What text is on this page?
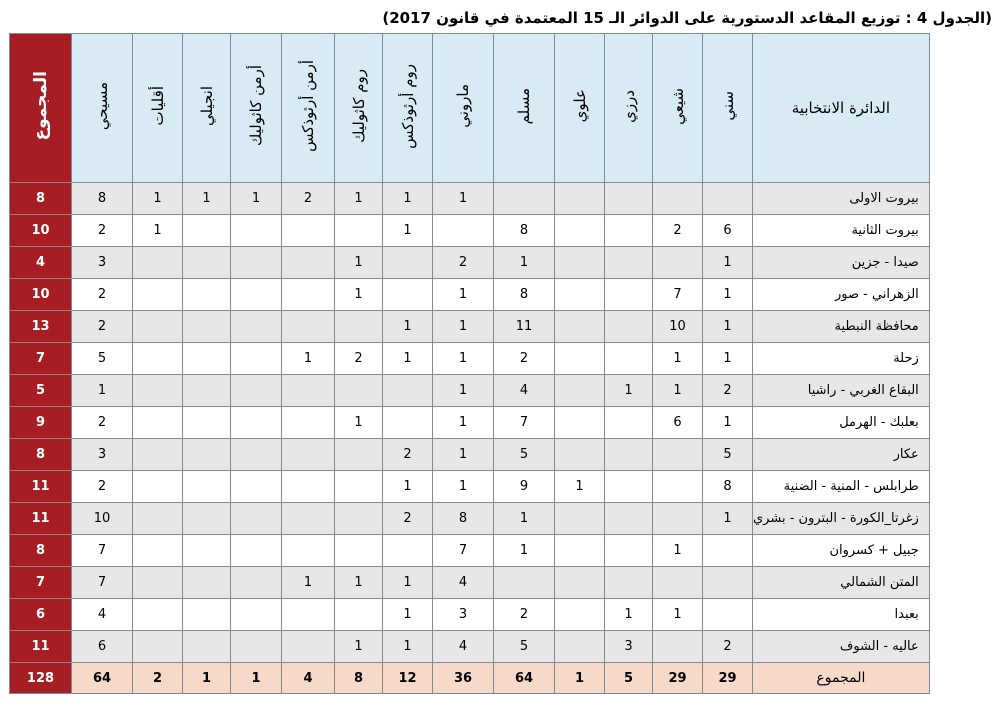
(الجدول 4 : توزيع المقاعد الدستورية على الدوائر الـ 15 المعتمدة في قانون 2017)
الدائرة الانتخابية	سني	شيعي	درزي	علوي	مسلم	ماروني	روم أرثوذكس	روم كاثوليك	أرمن أرثوذكس	أرمن كاثوليك	انجيلي	أقليات	مسيحي	المجموع
بيروت الاولى						1	1	1	2	1	1	1	8	8
بيروت الثانية	6	2			8		1					1	2	10
صيدا - جزين	1				1	2		1					3	4
الزهراني - صور	1	7			8	1		1					2	10
محافظة النبطية	1	10			11	1	1						2	13
زحلة	1	1			2	1	1	2	1				5	7
البقاع الغربي - راشيا	2	1	1		4	1							1	5
بعلبك - الهرمل	1	6			7	1		1					2	9
عكار	5				5	1	2						3	8
طرابلس - المنية - الضنية	8			1	9	1	1						2	11
زغرتا_الكورة - البترون - بشري	1				1	8	2						10	11
جبيل + كسروان		1			1	7							7	8
المتن الشمالي						4	1	1	1				7	7
بعبدا		1	1		2	3	1						4	6
عاليه - الشوف	2		3		5	4	1	1					6	11
المجموع	29	29	5	1	64	36	12	8	4	1	1	2	64	128
